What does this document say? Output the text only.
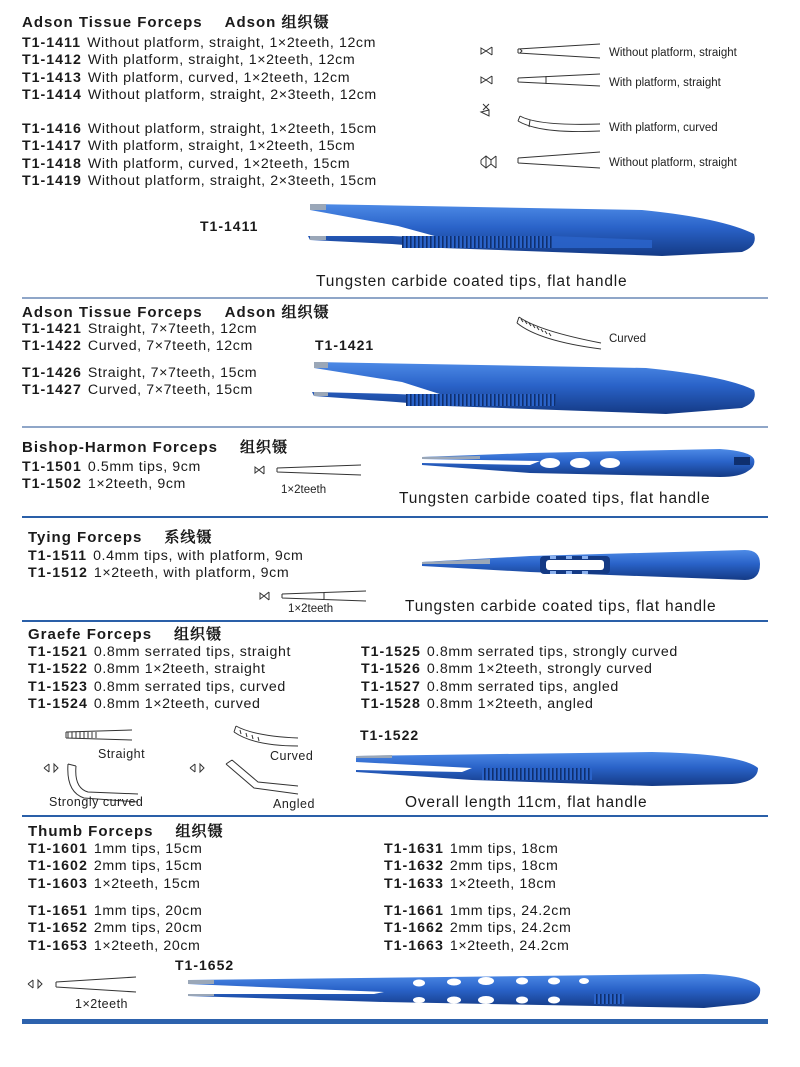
Adson Tissue Forceps Adson 组织镊
T1-1411 Without platform, straight, 1×2teeth, 12cm
T1-1412 With platform, straight, 1×2teeth, 12cm
T1-1413 With platform, curved, 1×2teeth, 12cm
T1-1414 Without platform, straight, 2×3teeth, 12cm
T1-1416 Without platform, straight, 1×2teeth, 15cm
T1-1417 With platform, straight, 1×2teeth, 15cm
T1-1418 With platform, curved, 1×2teeth, 15cm
T1-1419 Without platform, straight, 2×3teeth, 15cm
Without platform, straight
With platform, straight
With platform, curved
Without platform, straight
T1-1411
Tungsten carbide coated tips, flat handle
Adson Tissue Forceps Adson 组织镊
T1-1421 Straight, 7×7teeth, 12cm
T1-1422 Curved, 7×7teeth, 12cm
T1-1426 Straight, 7×7teeth, 15cm
T1-1427 Curved, 7×7teeth, 15cm
Curved
T1-1421
Bishop-Harmon Forceps 组织镊
T1-1501 0.5mm tips, 9cm
T1-1502 1×2teeth, 9cm	1×2teeth	Tungsten carbide coated tips, flat handle
Tying Forceps 系线镊
T1-1511 0.4mm tips, with platform, 9cm
T1-1512 1×2teeth, with platform, 9cm
1×2teeth	Tungsten carbide coated tips, flat handle
Graefe Forceps 组织镊
T1-1521 0.8mm serrated tips, straight
T1-1522 0.8mm 1×2teeth, straight
T1-1523 0.8mm serrated tips, curved
T1-1524 0.8mm 1×2teeth, curved
T1-1525 0.8mm serrated tips, strongly curved
T1-1526 0.8mm 1×2teeth, strongly curved
T1-1527 0.8mm serrated tips, angled
T1-1528 0.8mm 1×2teeth, angled
Straight	Curved
Strongly curved	Angled
T1-1522
Overall length 11cm, flat handle
Thumb Forceps 组织镊
T1-1601 1mm tips, 15cm
T1-1602 2mm tips, 15cm
T1-1603 1×2teeth, 15cm
T1-1651 1mm tips, 20cm
T1-1652 2mm tips, 20cm
T1-1653 1×2teeth, 20cm
T1-1631 1mm tips, 18cm
T1-1632 2mm tips, 18cm
T1-1633 1×2teeth, 18cm
T1-1661 1mm tips, 24.2cm
T1-1662 2mm tips, 24.2cm
T1-1663 1×2teeth, 24.2cm
T1-1652
1×2teeth
